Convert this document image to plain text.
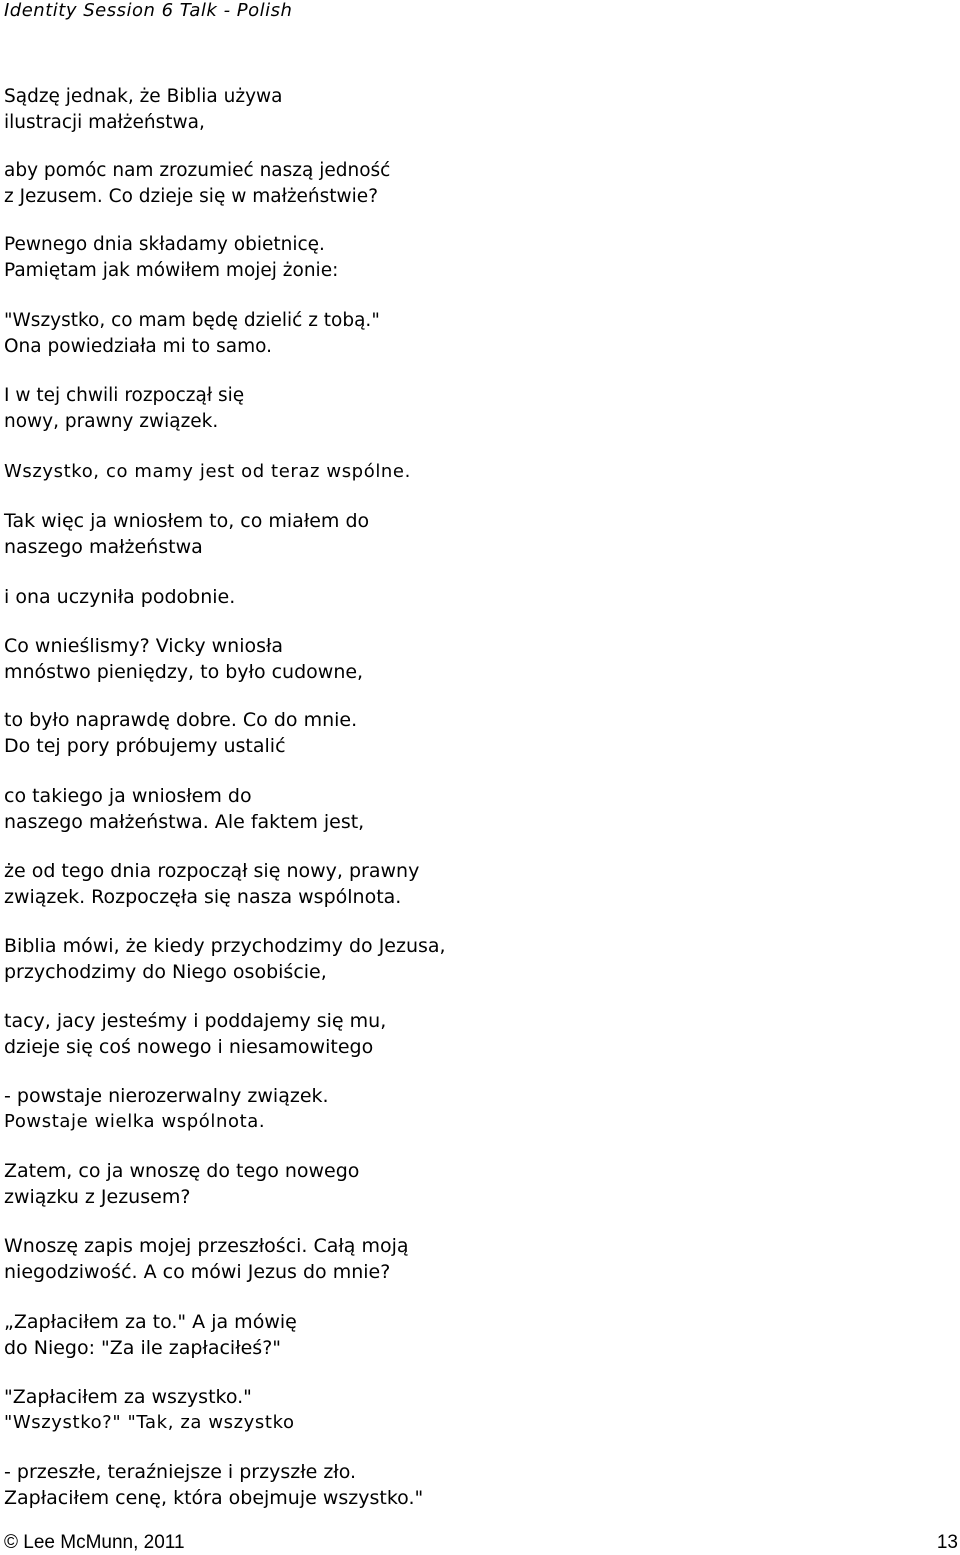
Identity Session 6 Talk - Polish
Sądzę jednak, że Biblia używa
ilustracji małżeństwa,
aby pomóc nam zrozumieć naszą jedność
z Jezusem. Co dzieje się w małżeństwie?
Pewnego dnia składamy obietnicę.
Pamiętam jak mówiłem mojej żonie:
"Wszystko, co mam będę dzielić z tobą."
Ona powiedziała mi to samo.
I w tej chwili rozpoczął się
nowy, prawny związek.
Wszystko, co mamy jest od teraz wspólne.
Tak więc ja wniosłem to, co miałem do
naszego małżeństwa
i ona uczyniła podobnie.
Co wnieślismy? Vicky wniosła
mnóstwo pieniędzy, to było cudowne,
to było naprawdę dobre. Co do mnie.
Do tej pory próbujemy ustalić
co takiego ja wniosłem do
naszego małżeństwa. Ale faktem jest,
że od tego dnia rozpoczął się nowy, prawny
związek. Rozpoczęła się nasza wspólnota.
Biblia mówi, że kiedy przychodzimy do Jezusa,
przychodzimy do Niego osobiście,
tacy, jacy jesteśmy i poddajemy się mu,
dzieje się coś nowego i niesamowitego
- powstaje nierozerwalny związek.
Powstaje wielka wspólnota.
Zatem, co ja wnoszę do tego nowego
związku z Jezusem?
Wnoszę zapis mojej przeszłości. Całą moją
niegodziwość. A co mówi Jezus do mnie?
„Zapłaciłem za to." A ja mówię
do Niego: "Za ile zapłaciłeś?"
"Zapłaciłem za wszystko."
"Wszystko?" "Tak, za wszystko
- przeszłe, teraźniejsze i przyszłe zło.
Zapłaciłem cenę, która obejmuje wszystko."
© Lee McMunn, 2011	13
